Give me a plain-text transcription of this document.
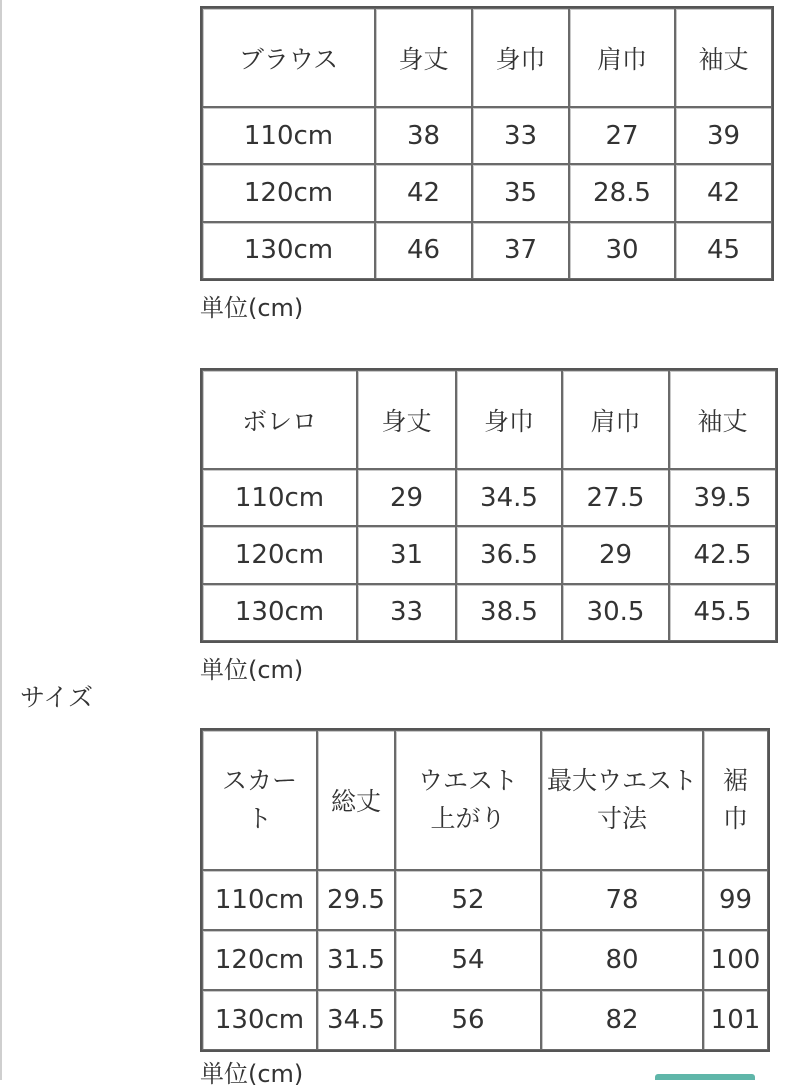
サイズ
ブラウス	身丈	身巾	肩巾	袖丈
110cm	38	33	27	39
120cm	42	35	28.5	42
130cm	46	37	30	45
単位(cm)
ボレロ	身丈	身巾	肩巾	袖丈
110cm	29	34.5	27.5	39.5
120cm	31	36.5	29	42.5
130cm	33	38.5	30.5	45.5
単位(cm)
スカート	総丈	ウエスト上がり	最大ウエスト寸法	裾巾
110cm	29.5	52	78	99
120cm	31.5	54	80	100
130cm	34.5	56	82	101
単位(cm)
